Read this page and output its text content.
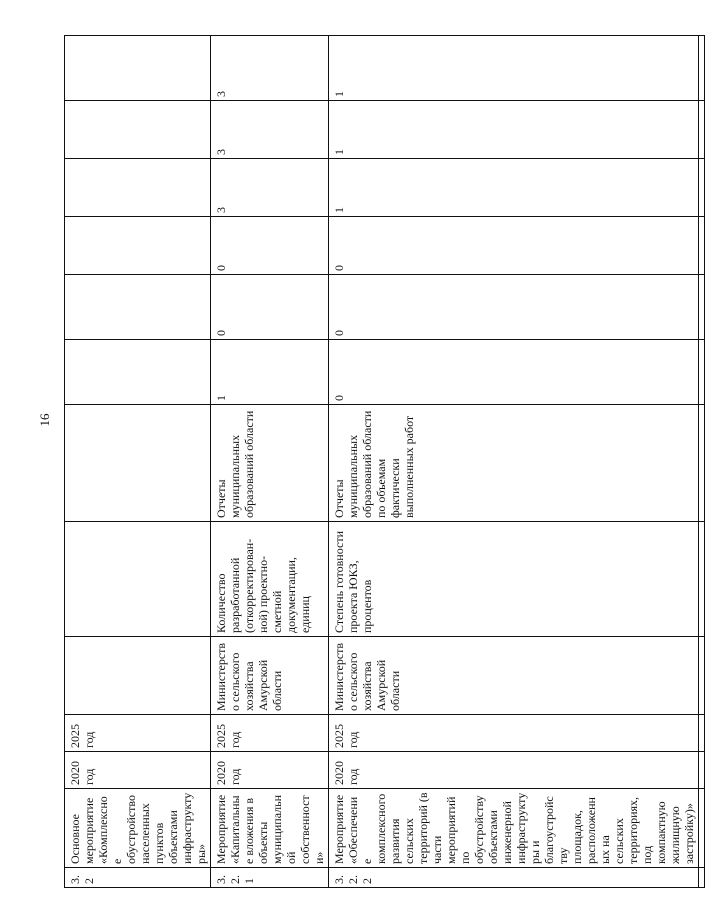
16
3.2	Основное мероприятие «Комплексное обустройство населенных пунктов объектами инфраструктуры»	2020 год	2025 год									
3.2.1	Мероприятие «Капитальные вложения в объекты муниципальной собственности»	2020 год	2025 год	Министерство сельского хозяйства Амурской области	Количество разработанной (откорректирован-ной) проектно-сметной документации, единиц	Отчеты муниципальных образований области	1	0	0	3	3	3
3.2.2	Мероприятие «Обеспечение комплексного развития сельских территорий (в части мероприятий по обустройству объектами инженерной инфраструктуры и благоустройству площадок, расположенных на сельских территориях, под компактную жилищную застройку)»	2020 год	2025 год	Министерство сельского хозяйства Амурской области	Степень готовности проекта ЮКЗ, процентов	Отчеты муниципальных образований области по объемам фактически выполненных работ	0	0	0	1	1	1
